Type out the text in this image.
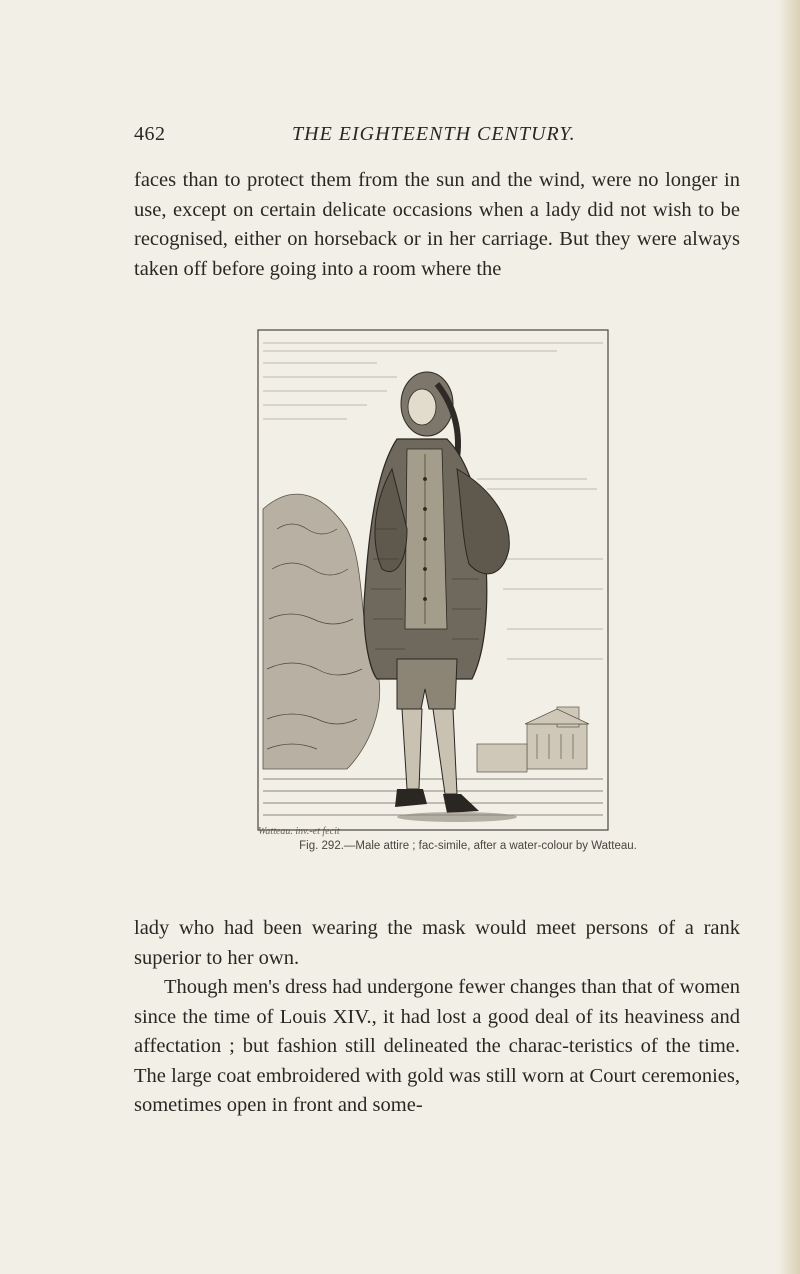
462	THE EIGHTEENTH CENTURY.

faces than to protect them from the sun and the wind, were no longer in use, except on certain delicate occasions when a lady did not wish to be recognised, either on horseback or in her carriage. But they were always taken off before going into a room where the

Watteau. inv.-et fecit
Fig. 292.—Male attire ; fac-simile, after a water-colour by Watteau.

lady who had been wearing the mask would meet persons of a rank superior to her own.

Though men's dress had undergone fewer changes than that of women since the time of Louis XIV., it had lost a good deal of its heaviness and affectation ; but fashion still delineated the charac-teristics of the time. The large coat embroidered with gold was still worn at Court ceremonies, sometimes open in front and some-
